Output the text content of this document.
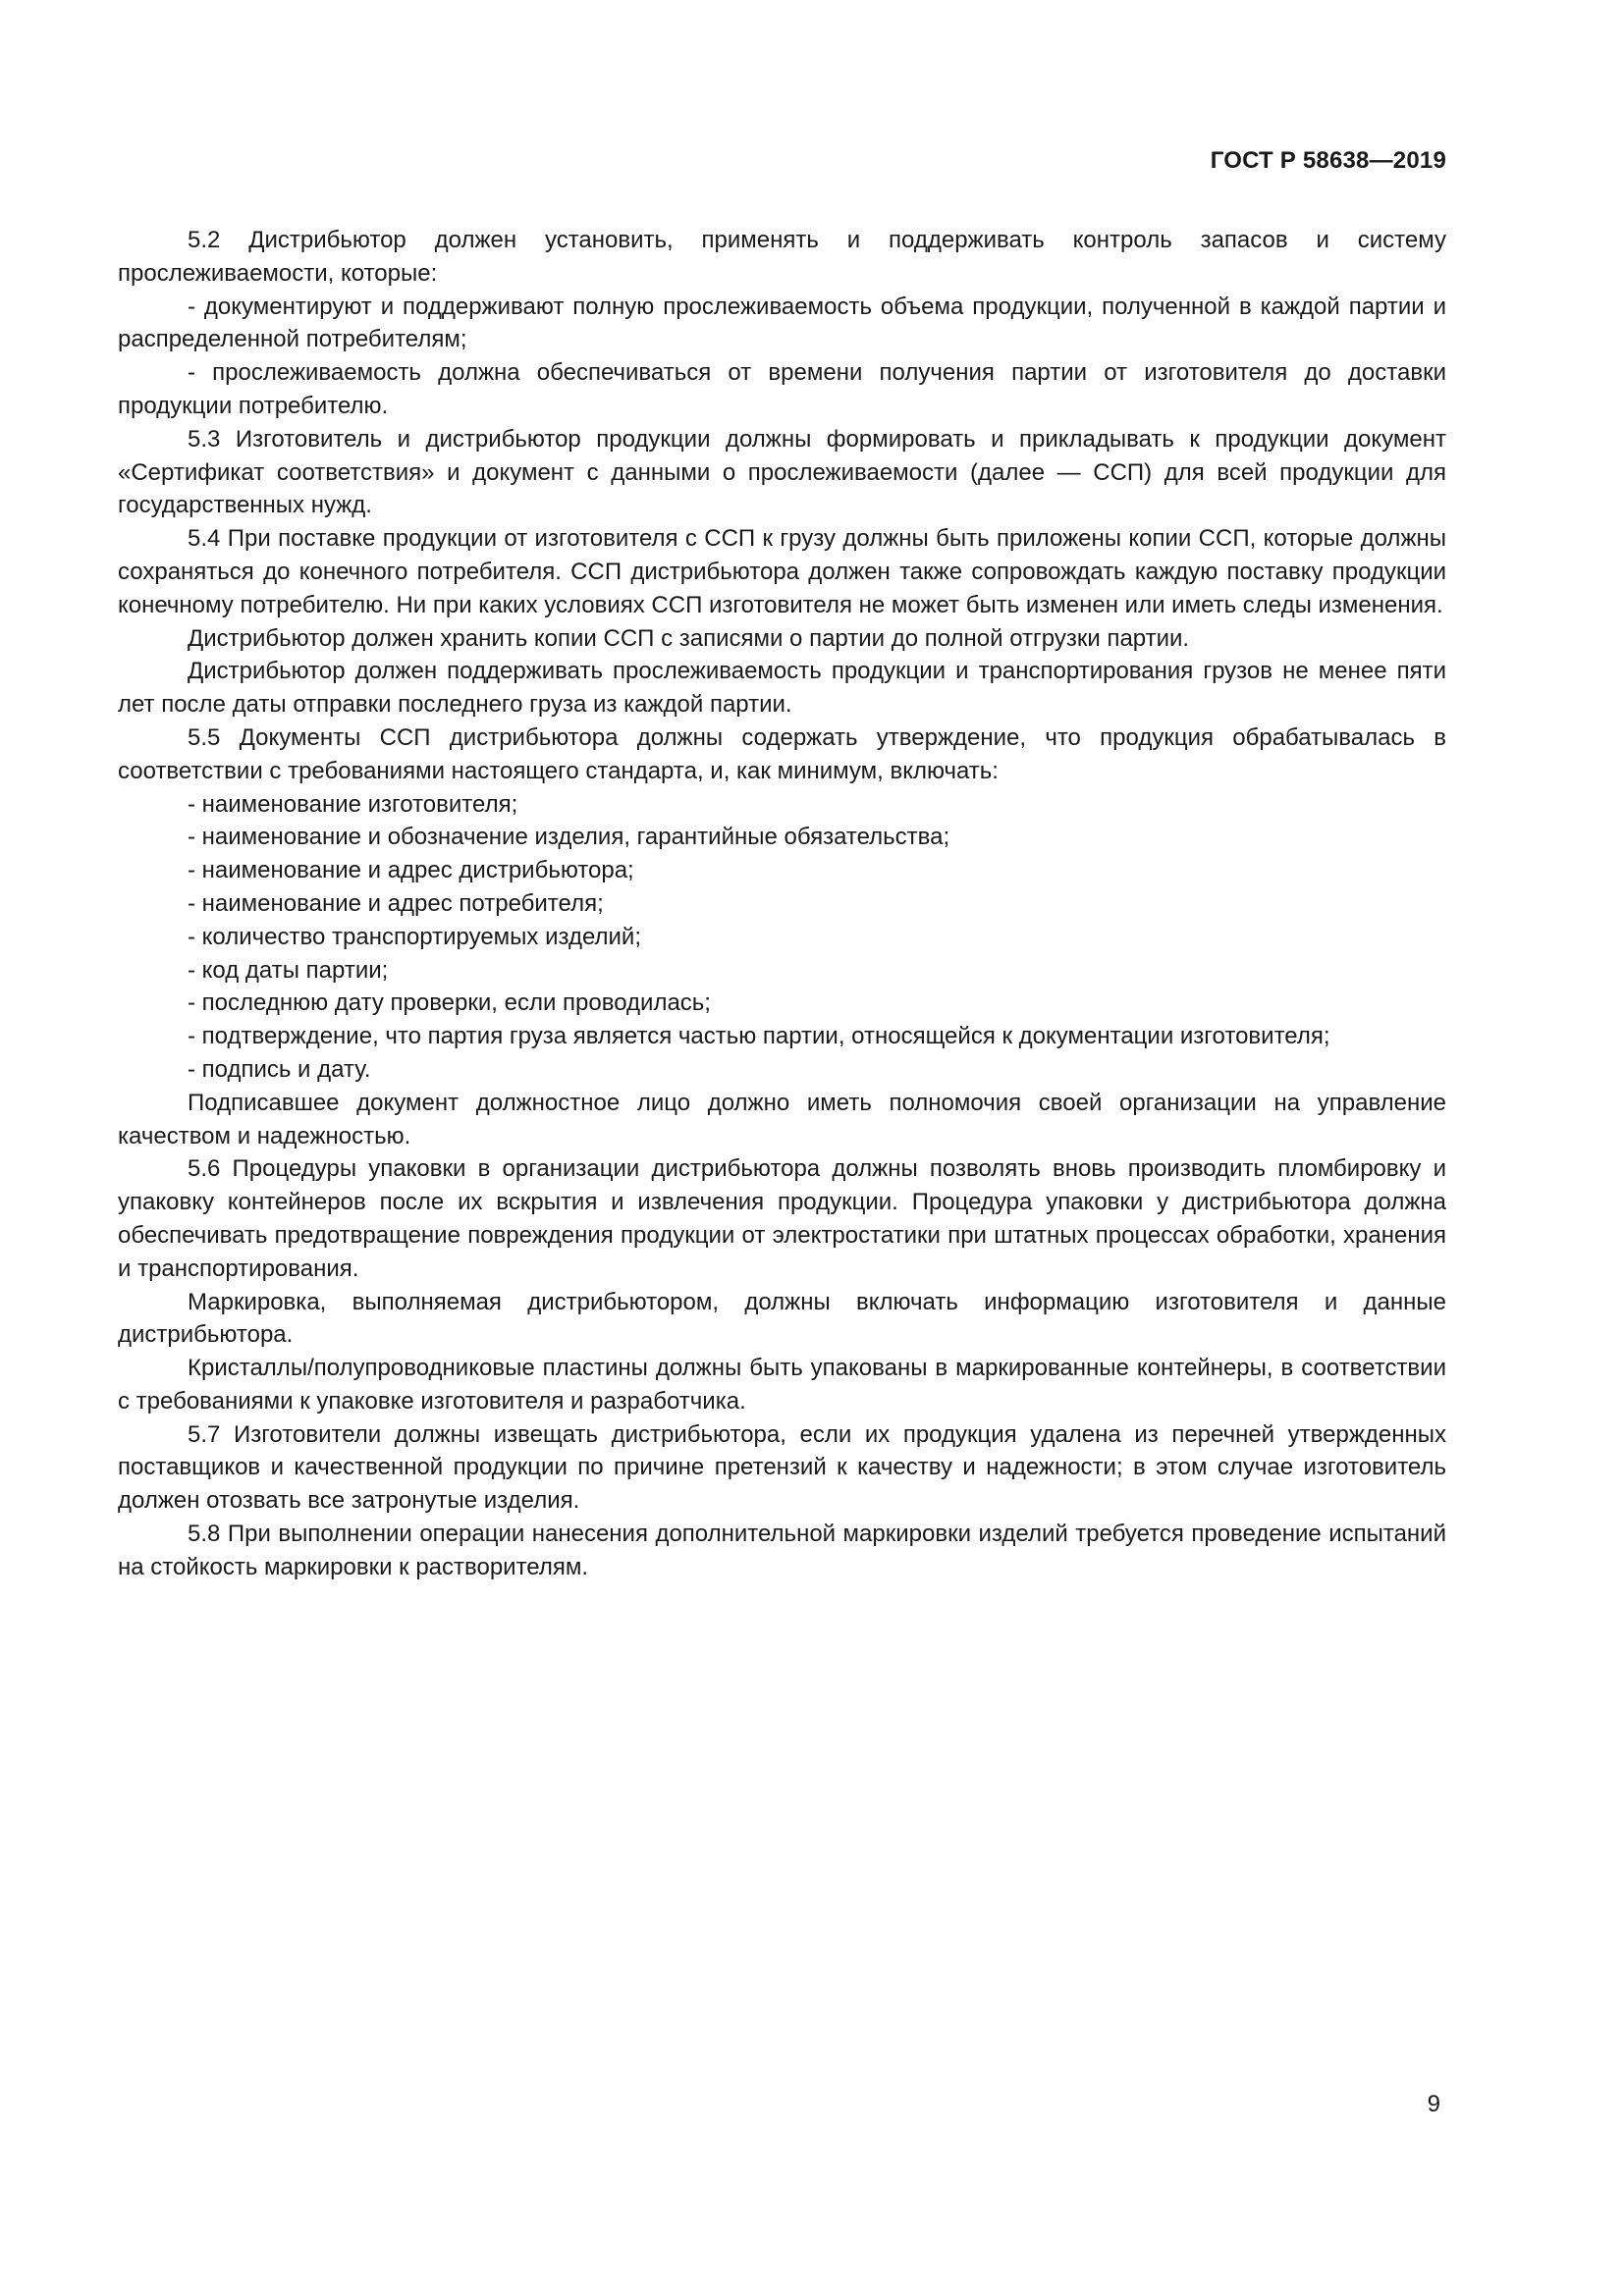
ГОСТ Р 58638—2019

5.2 Дистрибьютор должен установить, применять и поддерживать контроль запасов и систему прослеживаемости, которые:

- документируют и поддерживают полную прослеживаемость объема продукции, полученной в каждой партии и распределенной потребителям;

- прослеживаемость должна обеспечиваться от времени получения партии от изготовителя до доставки продукции потребителю.

5.3 Изготовитель и дистрибьютор продукции должны формировать и прикладывать к продукции документ «Сертификат соответствия» и документ с данными о прослеживаемости (далее — ССП) для всей продукции для государственных нужд.

5.4 При поставке продукции от изготовителя с ССП к грузу должны быть приложены копии ССП, которые должны сохраняться до конечного потребителя. ССП дистрибьютора должен также сопровождать каждую поставку продукции конечному потребителю. Ни при каких условиях ССП изготовителя не может быть изменен или иметь следы изменения.

Дистрибьютор должен хранить копии ССП с записями о партии до полной отгрузки партии.

Дистрибьютор должен поддерживать прослеживаемость продукции и транспортирования грузов не менее пяти лет после даты отправки последнего груза из каждой партии.

5.5 Документы ССП дистрибьютора должны содержать утверждение, что продукция обрабатывалась в соответствии с требованиями настоящего стандарта, и, как минимум, включать:

- наименование изготовителя;

- наименование и обозначение изделия, гарантийные обязательства;

- наименование и адрес дистрибьютора;

- наименование и адрес потребителя;

- количество транспортируемых изделий;

- код даты партии;

- последнюю дату проверки, если проводилась;

- подтверждение, что партия груза является частью партии, относящейся к документации изготовителя;

- подпись и дату.

Подписавшее документ должностное лицо должно иметь полномочия своей организации на управление качеством и надежностью.

5.6 Процедуры упаковки в организации дистрибьютора должны позволять вновь производить пломбировку и упаковку контейнеров после их вскрытия и извлечения продукции. Процедура упаковки у дистрибьютора должна обеспечивать предотвращение повреждения продукции от электростатики при штатных процессах обработки, хранения и транспортирования.

Маркировка, выполняемая дистрибьютором, должны включать информацию изготовителя и данные дистрибьютора.

Кристаллы/полупроводниковые пластины должны быть упакованы в маркированные контейнеры, в соответствии с требованиями к упаковке изготовителя и разработчика.

5.7 Изготовители должны извещать дистрибьютора, если их продукция удалена из перечней утвержденных поставщиков и качественной продукции по причине претензий к качеству и надежности; в этом случае изготовитель должен отозвать все затронутые изделия.

5.8 При выполнении операции нанесения дополнительной маркировки изделий требуется проведение испытаний на стойкость маркировки к растворителям.

9
